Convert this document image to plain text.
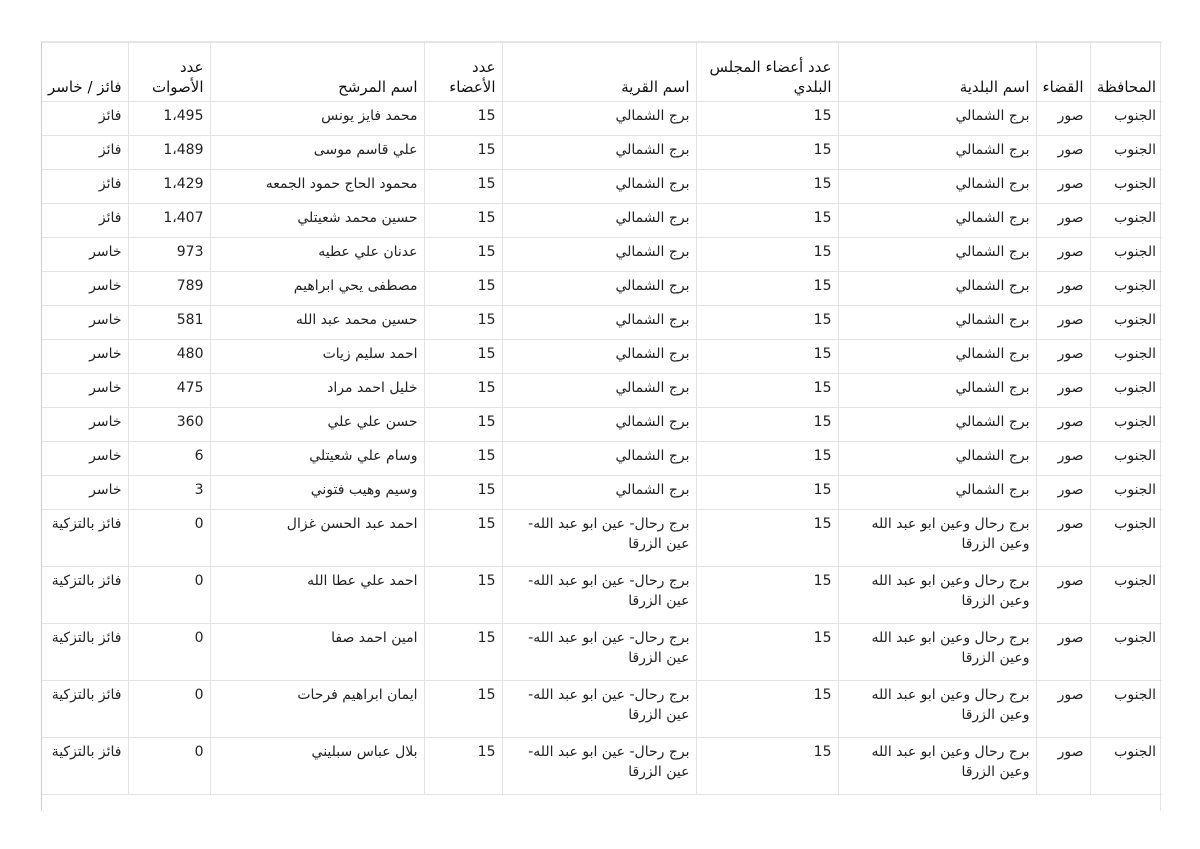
المحافظة	القضاء	اسم البلدية	عدد أعضاء المجلس البلدي	اسم القرية	عدد الأعضاء	اسم المرشح	عدد الأصوات	فائز / خاسر
الجنوب	صور	برج الشمالي	15	برج الشمالي	15	محمد فايز يونس	1،495	فائز
الجنوب	صور	برج الشمالي	15	برج الشمالي	15	علي قاسم موسى	1،489	فائز
الجنوب	صور	برج الشمالي	15	برج الشمالي	15	محمود الحاج حمود الجمعه	1،429	فائز
الجنوب	صور	برج الشمالي	15	برج الشمالي	15	حسين محمد شعيتلي	1،407	فائز
الجنوب	صور	برج الشمالي	15	برج الشمالي	15	عدنان علي عطيه	973	خاسر
الجنوب	صور	برج الشمالي	15	برج الشمالي	15	مصطفى يحي ابراهيم	789	خاسر
الجنوب	صور	برج الشمالي	15	برج الشمالي	15	حسين محمد عبد الله	581	خاسر
الجنوب	صور	برج الشمالي	15	برج الشمالي	15	احمد سليم زيات	480	خاسر
الجنوب	صور	برج الشمالي	15	برج الشمالي	15	خليل احمد مراد	475	خاسر
الجنوب	صور	برج الشمالي	15	برج الشمالي	15	حسن علي علي	360	خاسر
الجنوب	صور	برج الشمالي	15	برج الشمالي	15	وسام علي شعيتلي	6	خاسر
الجنوب	صور	برج الشمالي	15	برج الشمالي	15	وسيم وهيب فتوني	3	خاسر
الجنوب	صور	برج رحال وعين ابو عبد الله وعين الزرقا	15	برج رحال- عين ابو عبد الله- عين الزرقا	15	احمد عبد الحسن غزال	0	فائز بالتزكية
الجنوب	صور	برج رحال وعين ابو عبد الله وعين الزرقا	15	برج رحال- عين ابو عبد الله- عين الزرقا	15	احمد علي عطا الله	0	فائز بالتزكية
الجنوب	صور	برج رحال وعين ابو عبد الله وعين الزرقا	15	برج رحال- عين ابو عبد الله- عين الزرقا	15	امين احمد صفا	0	فائز بالتزكية
الجنوب	صور	برج رحال وعين ابو عبد الله وعين الزرقا	15	برج رحال- عين ابو عبد الله- عين الزرقا	15	ايمان ابراهيم فرحات	0	فائز بالتزكية
الجنوب	صور	برج رحال وعين ابو عبد الله وعين الزرقا	15	برج رحال- عين ابو عبد الله- عين الزرقا	15	بلال عباس سبليني	0	فائز بالتزكية
